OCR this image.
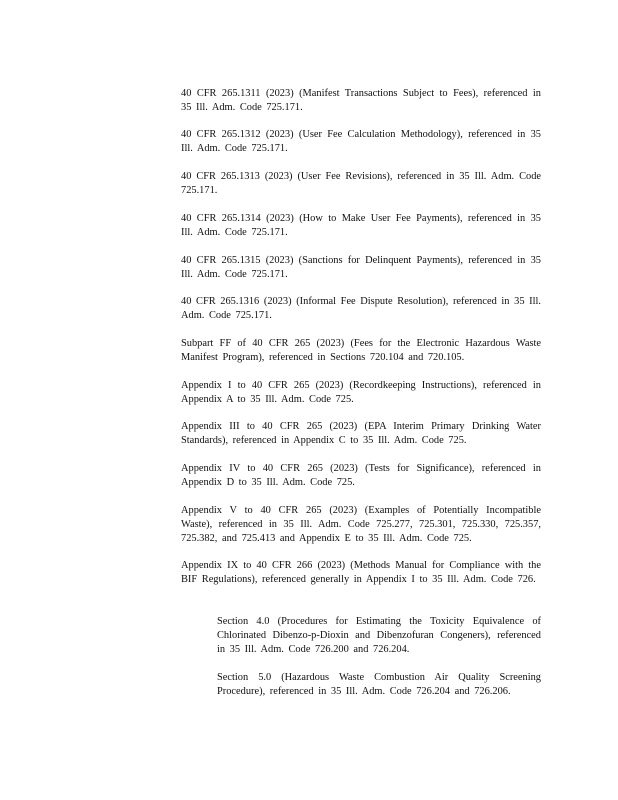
40 CFR 265.1311 (2023) (Manifest Transactions Subject to Fees), referenced in 35 Ill. Adm. Code 725.171.

40 CFR 265.1312 (2023) (User Fee Calculation Methodology), referenced in 35 Ill. Adm. Code 725.171.

40 CFR 265.1313 (2023) (User Fee Revisions), referenced in 35 Ill. Adm. Code 725.171.

40 CFR 265.1314 (2023) (How to Make User Fee Payments), referenced in 35 Ill. Adm. Code 725.171.

40 CFR 265.1315 (2023) (Sanctions for Delinquent Payments), referenced in 35 Ill. Adm. Code 725.171.

40 CFR 265.1316 (2023) (Informal Fee Dispute Resolution), referenced in 35 Ill. Adm. Code 725.171.

Subpart FF of 40 CFR 265 (2023) (Fees for the Electronic Hazardous Waste Manifest Program), referenced in Sections 720.104 and 720.105.

Appendix I to 40 CFR 265 (2023) (Recordkeeping Instructions), referenced in Appendix A to 35 Ill. Adm. Code 725.

Appendix III to 40 CFR 265 (2023) (EPA Interim Primary Drinking Water Standards), referenced in Appendix C to 35 Ill. Adm. Code 725.

Appendix IV to 40 CFR 265 (2023) (Tests for Significance), referenced in Appendix D to 35 Ill. Adm. Code 725.

Appendix V to 40 CFR 265 (2023) (Examples of Potentially Incompatible Waste), referenced in 35 Ill. Adm. Code 725.277, 725.301, 725.330, 725.357, 725.382, and 725.413 and Appendix E to 35 Ill. Adm. Code 725.

Appendix IX to 40 CFR 266 (2023) (Methods Manual for Compliance with the BIF Regulations), referenced generally in Appendix I to 35 Ill. Adm. Code 726.

Section 4.0 (Procedures for Estimating the Toxicity Equivalence of Chlorinated Dibenzo-p-Dioxin and Dibenzofuran Congeners), referenced in 35 Ill. Adm. Code 726.200 and 726.204.

Section 5.0 (Hazardous Waste Combustion Air Quality Screening Procedure), referenced in 35 Ill. Adm. Code 726.204 and 726.206.
